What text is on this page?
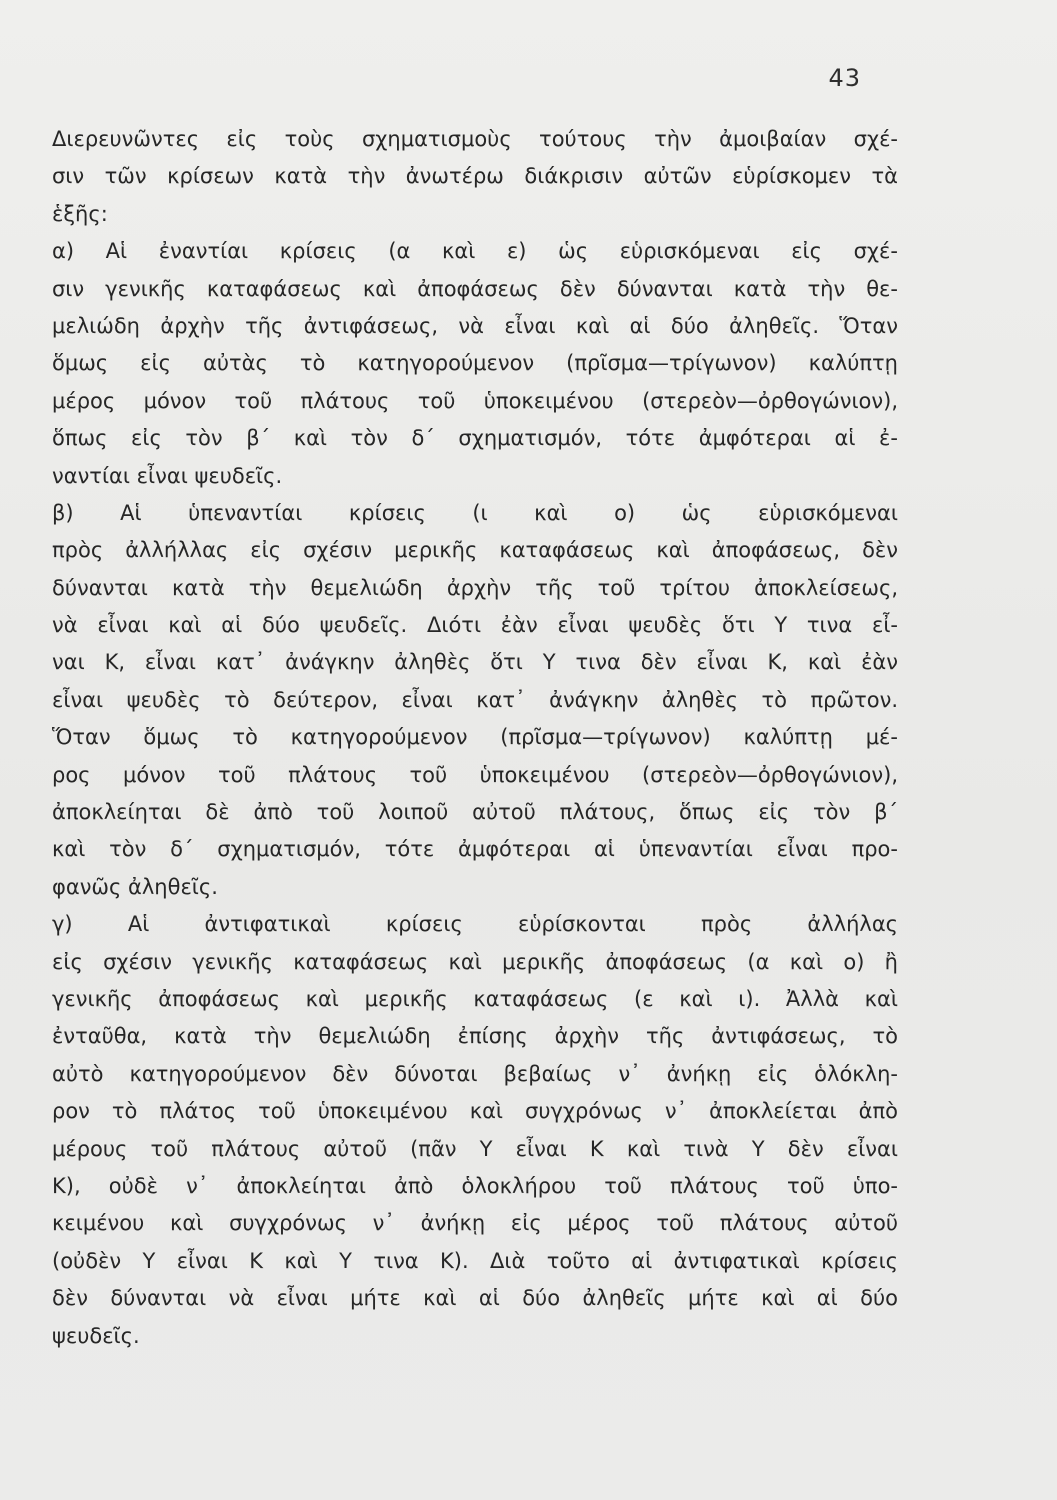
43
Διερευνῶντες εἰς τοὺς σχηματισμοὺς τούτους τὴν ἀμοιβαίαν σχέ-
σιν τῶν κρίσεων κατὰ τὴν ἀνωτέρω διάκρισιν αὐτῶν εὑρίσκομεν τὰ
ἑξῆς:
α) Αἱ ἐναντίαι κρίσεις (α καὶ ε) ὡς εὑρισκόμεναι εἰς σχέ-
σιν γενικῆς καταφάσεως καὶ ἀποφάσεως δὲν δύνανται κατὰ τὴν θε-
μελιώδη ἀρχὴν τῆς ἀντιφάσεως, νὰ εἶναι καὶ αἱ δύο ἀληθεῖς. Ὅταν
ὅμως εἰς αὐτὰς τὸ κατηγορούμενον (πρῖσμα—τρίγωνον) καλύπτῃ
μέρος μόνον τοῦ πλάτους τοῦ ὑποκειμένου (στερεὸν—ὀρθογώνιον),
ὅπως εἰς τὸν β΄ καὶ τὸν δ΄ σχηματισμόν, τότε ἀμφότεραι αἱ ἐ-
ναντίαι εἶναι ψευδεῖς.
β) Αἱ ὑπεναντίαι κρίσεις (ι καὶ ο) ὡς εὑρισκόμεναι
πρὸς ἀλλήλλας εἰς σχέσιν μερικῆς καταφάσεως καὶ ἀποφάσεως, δὲν
δύνανται κατὰ τὴν θεμελιώδη ἀρχὴν τῆς τοῦ τρίτου ἀποκλείσεως,
νὰ εἶναι καὶ αἱ δύο ψευδεῖς. Διότι ἐὰν εἶναι ψευδὲς ὅτι Υ τινα εἶ-
ναι Κ, εἶναι κατ᾿ ἀνάγκην ἀληθὲς ὅτι Υ τινα δὲν εἶναι Κ, καὶ ἐὰν
εἶναι ψευδὲς τὸ δεύτερον, εἶναι κατ᾿ ἀνάγκην ἀληθὲς τὸ πρῶτον.
Ὅταν ὅμως τὸ κατηγορούμενον (πρῖσμα—τρίγωνον) καλύπτῃ μέ-
ρος μόνον τοῦ πλάτους τοῦ ὑποκειμένου (στερεὸν—ὀρθογώνιον),
ἀποκλείηται δὲ ἀπὸ τοῦ λοιποῦ αὐτοῦ πλάτους, ὅπως εἰς τὸν β΄
καὶ τὸν δ΄ σχηματισμόν, τότε ἀμφότεραι αἱ ὑπεναντίαι εἶναι προ-
φανῶς ἀληθεῖς.
γ) Αἱ ἀντιφατικαὶ κρίσεις εὑρίσκονται πρὸς ἀλλήλας
εἰς σχέσιν γενικῆς καταφάσεως καὶ μερικῆς ἀποφάσεως (α καὶ ο) ἢ
γενικῆς ἀποφάσεως καὶ μερικῆς καταφάσεως (ε καὶ ι). Ἀλλὰ καὶ
ἐνταῦθα, κατὰ τὴν θεμελιώδη ἐπίσης ἀρχὴν τῆς ἀντιφάσεως, τὸ
αὐτὸ κατηγορούμενον δὲν δύνοται βεβαίως ν᾿ ἀνήκῃ εἰς ὁλόκλη-
ρον τὸ πλάτος τοῦ ὑποκειμένου καὶ συγχρόνως ν᾿ ἀποκλείεται ἀπὸ
μέρους τοῦ πλάτους αὐτοῦ (πᾶν Υ εἶναι Κ καὶ τινὰ Υ δὲν εἶναι
Κ), οὐδὲ ν᾿ ἀποκλείηται ἀπὸ ὁλοκλήρου τοῦ πλάτους τοῦ ὑπο-
κειμένου καὶ συγχρόνως ν᾿ ἀνήκῃ εἰς μέρος τοῦ πλάτους αὐτοῦ
(οὐδὲν Υ εἶναι Κ καὶ Υ τινα Κ). Διὰ τοῦτο αἱ ἀντιφατικαὶ κρίσεις
δὲν δύνανται νὰ εἶναι μήτε καὶ αἱ δύο ἀληθεῖς μήτε καὶ αἱ δύο
ψευδεῖς.
